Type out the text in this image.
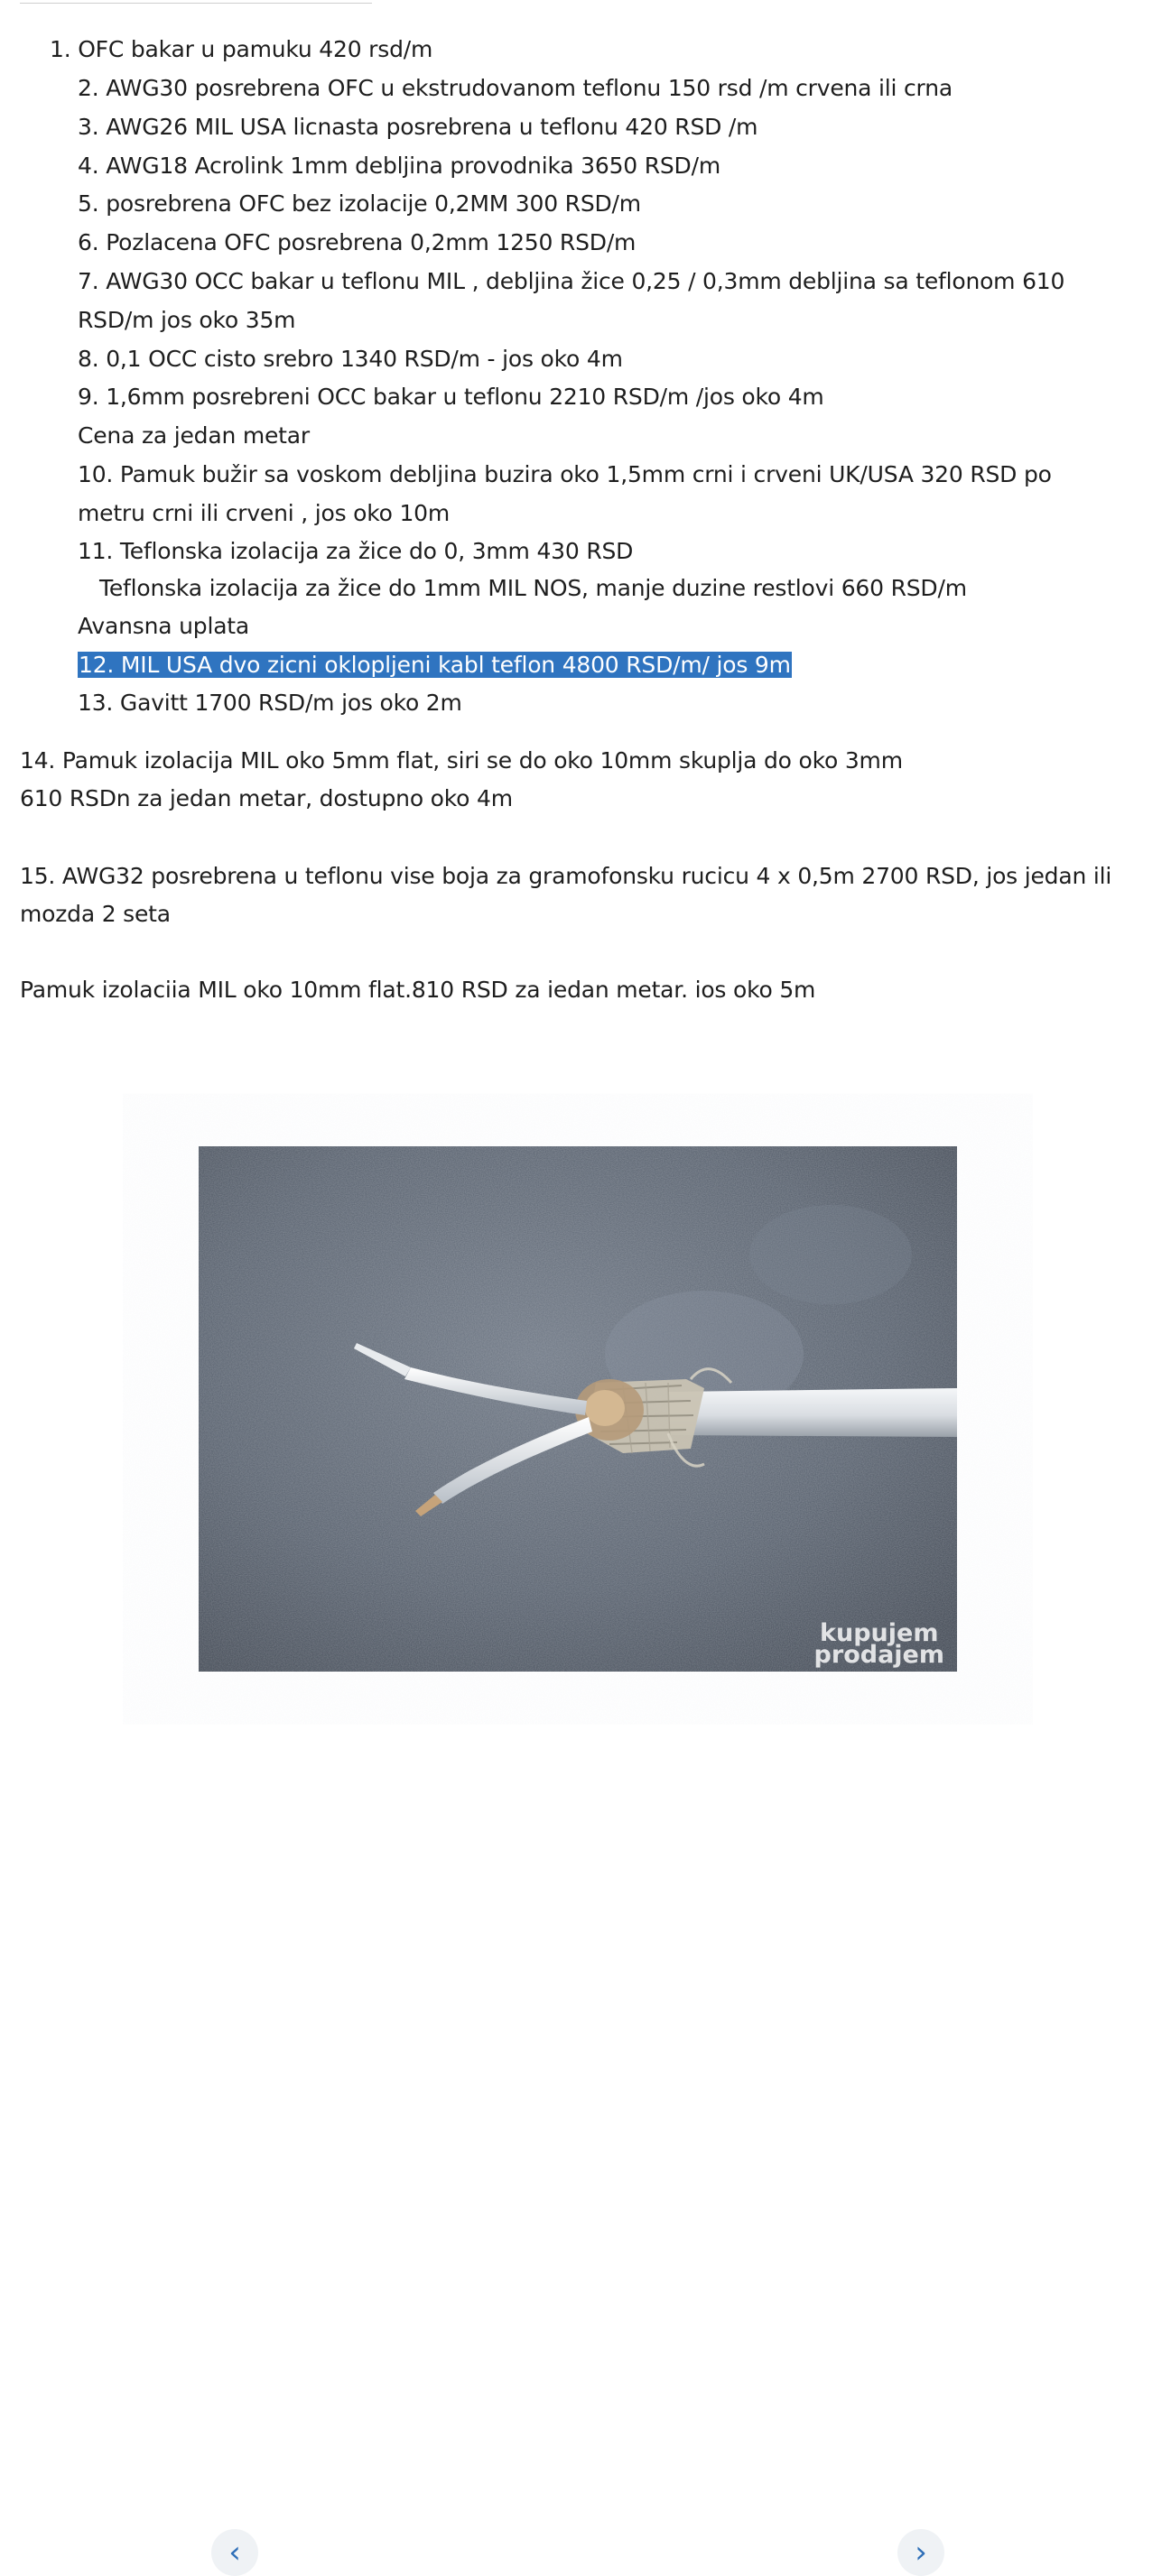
1. OFC bakar u pamuku 420 rsd/m
2. AWG30 posrebrena OFC u ekstrudovanom teflonu 150 rsd /m crvena ili crna
3. AWG26 MIL USA licnasta posrebrena u teflonu 420 RSD /m
4. AWG18 Acrolink 1mm debljina provodnika 3650 RSD/m
5. posrebrena OFC bez izolacije 0,2MM 300 RSD/m
6. Pozlacena OFC posrebrena 0,2mm 1250 RSD/m
7. AWG30 OCC bakar u teflonu MIL , debljina žice 0,25 / 0,3mm debljina sa teflonom 610
RSD/m jos oko 35m
8. 0,1 OCC cisto srebro 1340 RSD/m - jos oko 4m
9. 1,6mm posrebreni OCC bakar u teflonu 2210 RSD/m /jos oko 4m
Cena za jedan metar
10. Pamuk bužir sa voskom debljina buzira oko 1,5mm crni i crveni UK/USA 320 RSD po
metru crni ili crveni , jos oko 10m
11. Teflonska izolacija za žice do 0, 3mm 430 RSD
Teflonska izolacija za žice do 1mm MIL NOS, manje duzine restlovi 660 RSD/m
Avansna uplata
12. MIL USA dvo zicni oklopljeni kabl teflon 4800 RSD/m/ jos 9m
13. Gavitt 1700 RSD/m jos oko 2m
14. Pamuk izolacija MIL oko 5mm flat, siri se do oko 10mm skuplja do oko 3mm
610 RSDn za jedan metar, dostupno oko 4m
15. AWG32 posrebrena u teflonu vise boja za gramofonsku rucicu 4 x 0,5m 2700 RSD, jos jedan ili
mozda 2 seta
Pamuk izolaciia MIL oko 10mm flat.810 RSD za iedan metar. ios oko 5m
‹	›
kupujem
prodajem
